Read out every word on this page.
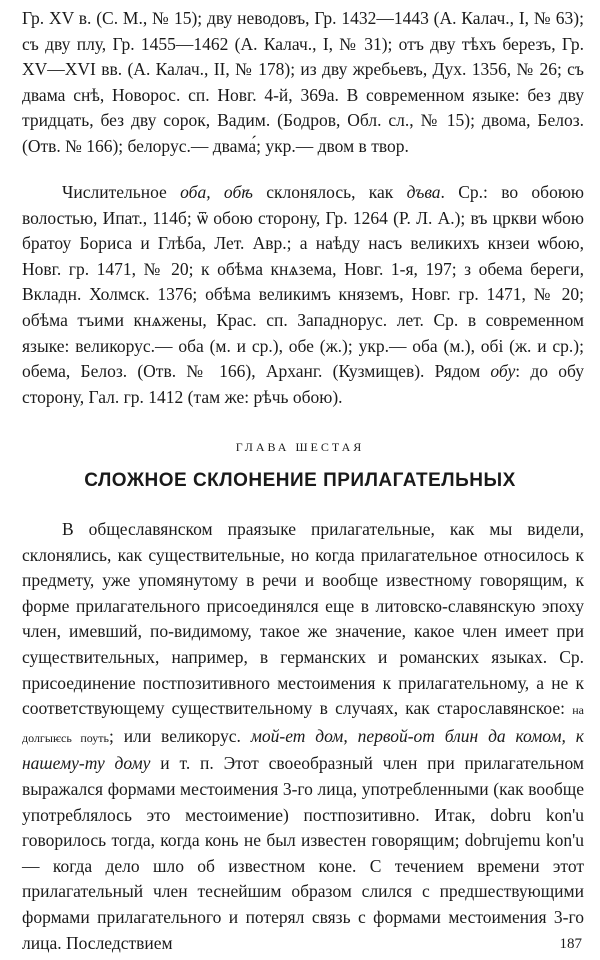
Гр. XV в. (С. М., № 15); дву неводовъ, Гр. 1432—1443 (А. Калач., I, № 63); съ дву плу, Гр. 1455—1462 (А. Калач., I, № 31); отъ дву тѣхъ березъ, Гр. XV—XVI вв. (А. Калач., II, № 178); из дву жребьевъ, Дух. 1356, № 26; съ двама снѣ, Новорос. сп. Новг. 4-й, 369а. В современном языке: без дву тридцать, без дву сорок, Вадим. (Бодров, Обл. сл., № 15); двома, Белоз. (Отв. № 166); белорус.— двама́; укр.— двом в твор.

Числительное оба, обѣ склонялось, как дъва. Ср.: во обоюю волостью, Ипат., 114б; ѿ обою сторону, Гр. 1264 (Р. Л. А.); въ цркви ѡбою братоу Бориса и Глѣба, Лет. Авр.; а наѣду насъ великихъ кнзеи ѡбою, Новг. гр. 1471, № 20; к обѣма кнѧзема, Новг. 1-я, 197; з обема береги, Вкладн. Холмск. 1376; обѣма великимъ княземъ, Новг. гр. 1471, № 20; обѣма тъими кнѧжены, Крас. сп. Западнорус. лет. Ср. в современном языке: великорус.— оба (м. и ср.), обе (ж.); укр.— оба (м.), обі (ж. и ср.); обема, Белоз. (Отв. № 166), Арханг. (Кузмищев). Рядом обу: до обу сторону, Гал. гр. 1412 (там же: рѣчь обою).

ГЛАВА ШЕСТАЯ

СЛОЖНОЕ СКЛОНЕНИЕ ПРИЛАГАТЕЛЬНЫХ

В общеславянском праязыке прилагательные, как мы видели, склонялись, как существительные, но когда прилагательное относилось к предмету, уже упомянутому в речи и вообще известному говорящим, к форме прилагательного присоединялся еще в литовско-славянскую эпоху член, имевший, по-видимому, такое же значение, какое член имеет при существительных, например, в германских и романских языках. Ср. присоединение постпозитивного местоимения к прилагательному, а не к соответствующему существительному в случаях, как старославянское: на долгыѥсь поуть; или великорус. мой-ет дом, первой-от блин да комом, к нашему-ту дому и т. п. Этот своеобразный член при прилагательном выражался формами местоимения 3-го лица, употребленными (как вообще употреблялось это местоимение) постпозитивно. Итак, dobru kon'u говорилось тогда, когда конь не был известен говорящим; dobrujemu kon'u — когда дело шло об известном коне. С течением времени этот прилагательный член теснейшим образом слился с предшествующими формами прилагательного и потерял связь с формами местоимения 3-го лица. Последствием	187
